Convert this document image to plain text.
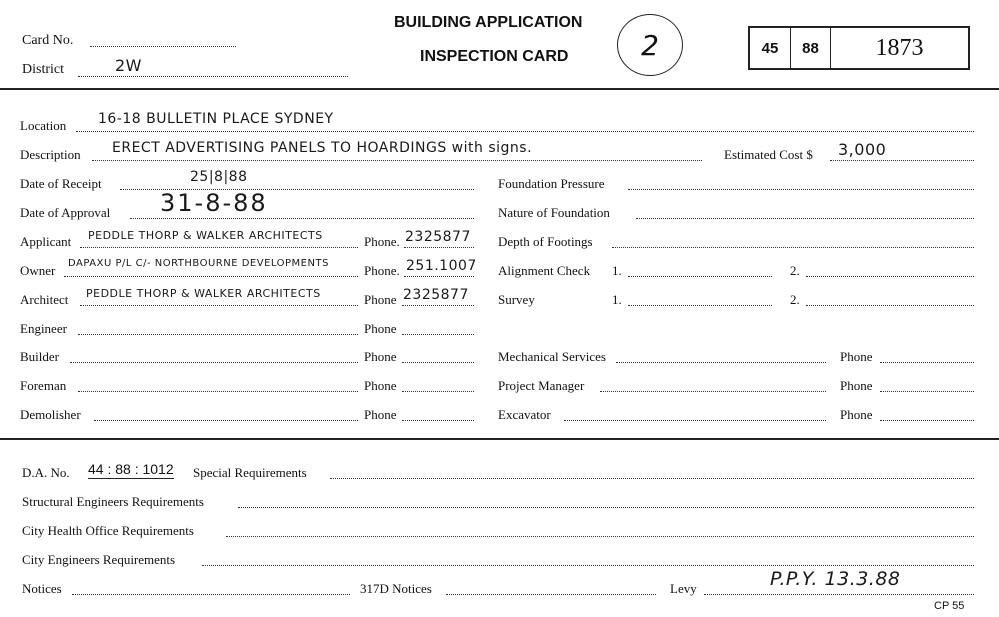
Card No.
District	2W
BUILDING APPLICATION
INSPECTION CARD	2	45	88	1873
Location 16-18 BULLETIN PLACE SYDNEY
Description ERECT ADVERTISING PANELS TO HOARDINGS with signs.	Estimated Cost $ 3,000
Date of Receipt	25|8|88
Date of Approval 31-8-88
Applicant PEDDLE THORP & WALKER ARCHITECTS	Phone. 2325877
Owner DAPAXU P/L C/- NORTHBOURNE DEVELOPMENTS	Phone. 251.1007
Architect PEDDLE THORP & WALKER ARCHITECTS	Phone 2325877
Engineer	Phone
Builder	Phone
Foreman	Phone
Demolisher	Phone
Foundation Pressure
Nature of Foundation
Depth of Footings
Alignment Check 1.	2.
Survey	1.	2.
Mechanical Services	Phone
Project Manager	Phone
Excavator	Phone
D.A. No. 44 : 88 : 1012 Special Requirements
Structural Engineers Requirements
City Health Office Requirements
City Engineers Requirements
Notices	317D Notices	Levy	P.P.Y. 13.3.88
CP 55
